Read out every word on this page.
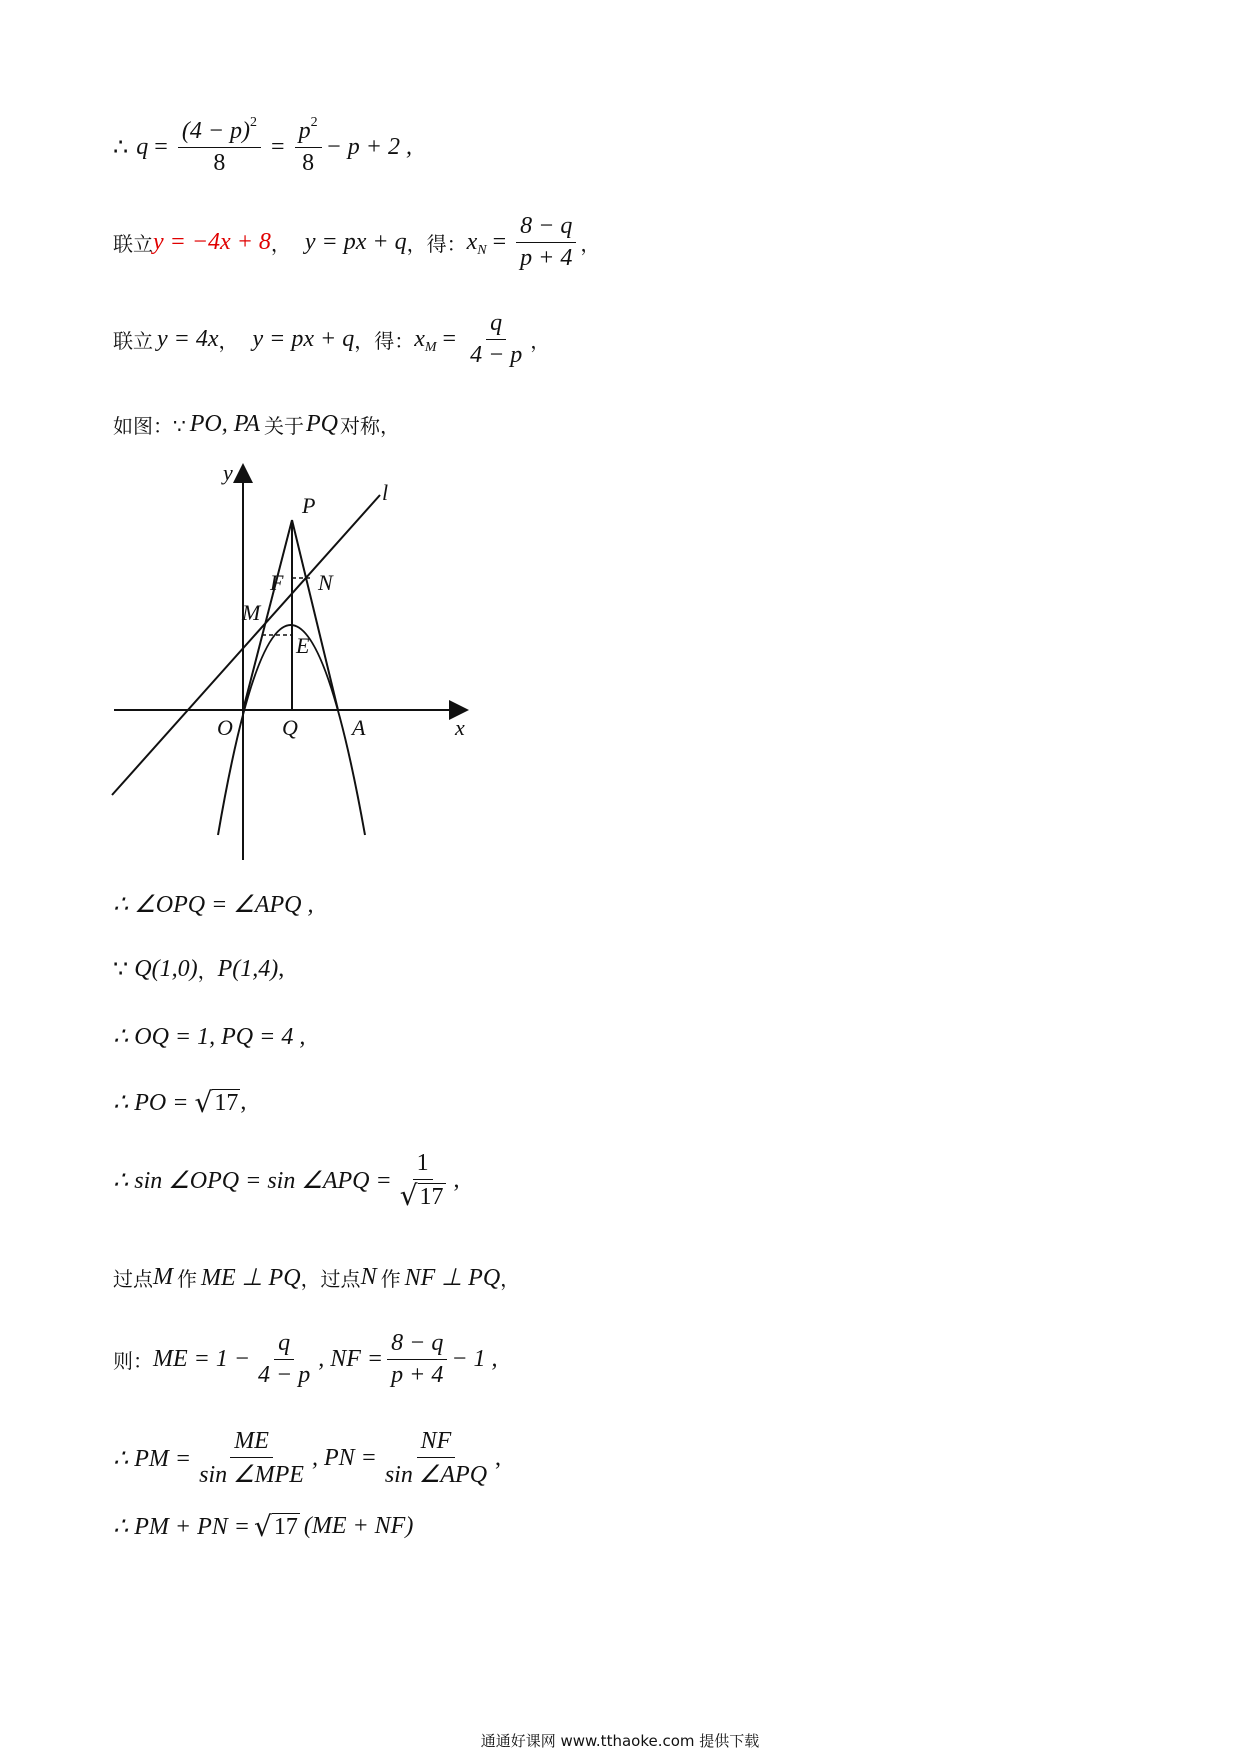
∴ $q = \frac{(4 - p)^2}{8} = \frac{p^2}{8} - p + 2$ ,
联立 y = −4x + 8 ， y = px + q ， 得： x $N = \frac{8 - q}{p + 4}$ ，
联立 y = 4x ， y = px + q ， 得： x $M = \frac{q}{4 - p}$ ，
如图：∵ PO, PA 关于 PQ 对称，
y
x
l
P
F N
M
E
O Q A
∴ ∠OPQ = ∠APQ ,
∵ Q(1,0) ， P(1,4) ,
∴ OQ = 1, PQ = 4 ,
∴ PO = √ 17 ,
∴ sin ∠OPQ = sin ∠APQ = $\frac{1}{√ 17}$ ,
过点 M 作 ME ⊥ PQ ，过点 N 作 NF ⊥ PQ ，
则： ME = $1 - \frac{q}{4 - p}$ , NF = $\frac{8 - q}{p + 4} - 1$ ,
∴ PM = $\frac{ME}{\text{sin ∠MPE}}$ , PN = $\frac{NF}{\text{sin ∠APQ}}$ ,
∴ PM + PN = √ 17 (ME + NF)
通通好课网 www.tthaoke.com 提供下载
